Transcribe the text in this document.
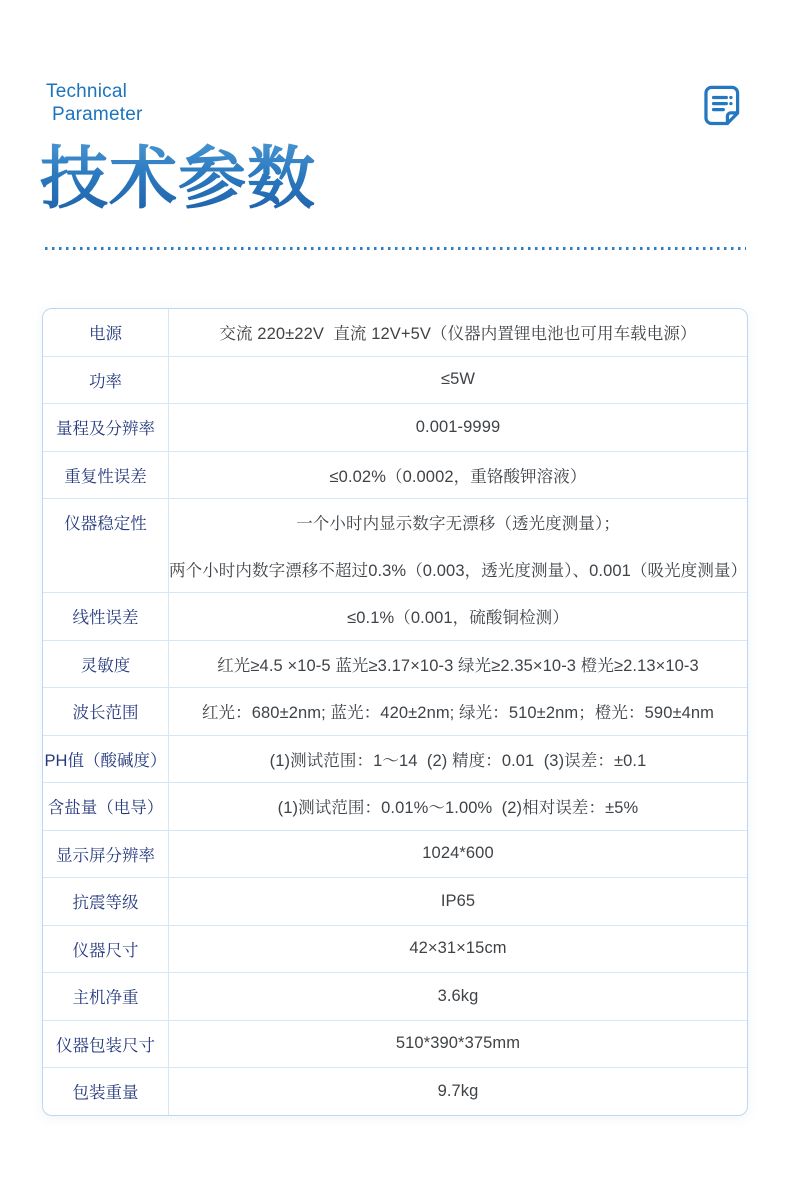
Technical
Parameter
技术参数
电源	交流 220±22V  直流 12V+5V（仪器内置锂电池也可用车载电源）
功率	≤5W
量程及分辨率	0.001-9999
重复性误差	≤0.02%（0.0002，重铬酸钾溶液）
仪器稳定性	一个小时内显示数字无漂移（透光度测量）；
两个小时内数字漂移不超过0.3%（0.003，透光度测量）、0.001（吸光度测量）
线性误差	≤0.1%（0.001，硫酸铜检测）
灵敏度	红光≥4.5 ×10-5 蓝光≥3.17×10-3 绿光≥2.35×10-3 橙光≥2.13×10-3
波长范围	红光：680±2nm; 蓝光：420±2nm; 绿光：510±2nm；橙光：590±4nm
PH值（酸碱度）	(1)测试范围：1～14  (2) 精度：0.01  (3)误差：±0.1
含盐量（电导）	(1)测试范围：0.01%～1.00%  (2)相对误差：±5%
显示屏分辨率	1024*600
抗震等级	IP65
仪器尺寸	42×31×15cm
主机净重	3.6kg
仪器包装尺寸	510*390*375mm
包装重量	9.7kg
